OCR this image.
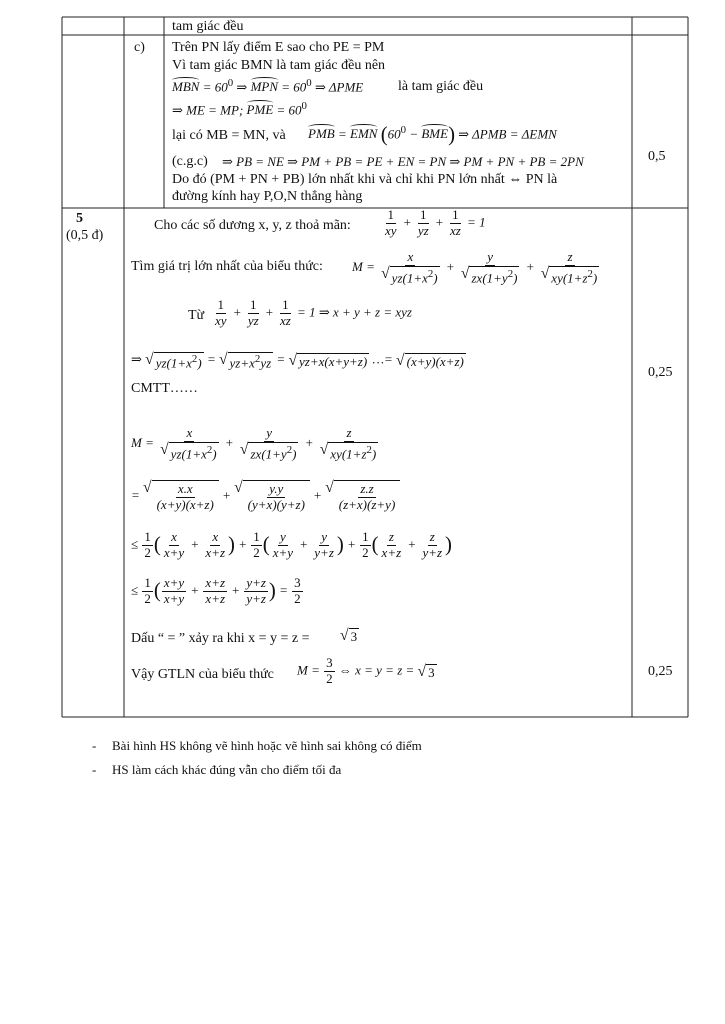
tam giác đều
c) Trên PN lấy điểm E sao cho PE = PM
Vì tam giác BMN là tam giác đều nên
MBN = $60^0$ ⇒ MPN = $60^0$ ⇒ ΔPME là tam giác đều
⇒ ME = MP; PME = $60^0$
lại có MB = MN, và PMB = EMN $(60^0 - BME)$ ⇒ ΔPMB = ΔEMN
(c.g.c) ⇒ PB = NE ⇒ PM + PB = PE + EN = PN ⇒ PM + PN + PB = 2PN
Do đó (PM + PN + PB) lớn nhất khi và chỉ khi PN lớn nhất ⇔ PN là
đường kính hay P,O,N thẳng hàng
0,5
5
(0,5 đ)
Cho các số dương x, y, z thoả mãn: $\frac{1}{xy} + \frac{1}{yz} + \frac{1}{xz} = 1$
Tìm giá trị lớn nhất của biểu thức: $M = \frac{x}{√ yz(1+x^2)} + \frac{y}{√ zx(1+y^2)} + \frac{z}{√ xy(1+z^2)}$
Từ $\frac{1}{xy} + \frac{1}{yz} + \frac{1}{xz} = 1$ ⇒ x + y + z = xyz
⇒ √ $yz(1+x^2)$ = √ $yz+x^2yz$ = √ yz+x(x+y+z) …= √ (x+y)(x+z)
CMTT……
0,25
$M = \frac{x}{√ yz(1+x^2)} + \frac{y}{√ zx(1+y^2)} + \frac{z}{√ xy(1+z^2)}$
= √ $\frac{x.x}{(x+y)(x+z)}$ + √ $\frac{y.y}{(y+x)(y+z)}$ + √ $\frac{z.z}{(z+x)(z+y)}$
≤ $\frac{1}{2}$ ( $\frac{x}{x+y} + \frac{x}{x+z}$ ) + $\frac{1}{2}$ ( $\frac{y}{x+y} + \frac{y}{y+z}$ ) + $\frac{1}{2}$ ( $\frac{z}{x+z} + \frac{z}{y+z}$ )
≤ $\frac{1}{2}$ ( $\frac{x+y}{x+y} + \frac{x+z}{x+z} + \frac{y+z}{y+z}$ ) = $\frac{3}{2}$
Dấu “ = ” xảy ra khi x = y = z = √ 3
Vậy GTLN của biểu thức $M = \frac{3}{2}$ ⇔ x = y = z = √ 3	0,25
- Bài hình HS không vẽ hình hoặc vẽ hình sai không có điểm
- HS làm cách khác đúng vẫn cho điểm tối đa
